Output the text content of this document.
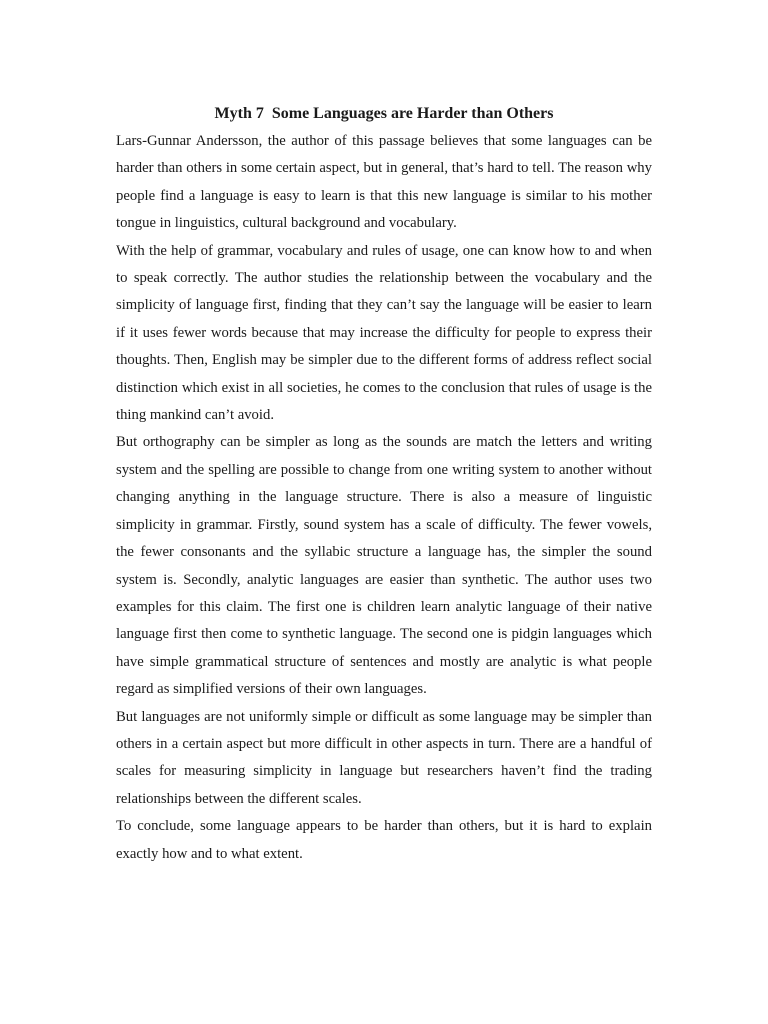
Myth 7  Some Languages are Harder than Others

Lars-Gunnar Andersson, the author of this passage believes that some languages can be harder than others in some certain aspect, but in general, that’s hard to tell. The reason why people find a language is easy to learn is that this new language is similar to his mother tongue in linguistics, cultural background and vocabulary.

With the help of grammar, vocabulary and rules of usage, one can know how to and when to speak correctly. The author studies the relationship between the vocabulary and the simplicity of language first, finding that they can’t say the language will be easier to learn if it uses fewer words because that may increase the difficulty for people to express their thoughts. Then, English may be simpler due to the different forms of address reflect social distinction which exist in all societies, he comes to the conclusion that rules of usage is the thing mankind can’t avoid.

But orthography can be simpler as long as the sounds are match the letters and writing system and the spelling are possible to change from one writing system to another without changing anything in the language structure. There is also a measure of linguistic simplicity in grammar. Firstly, sound system has a scale of difficulty. The fewer vowels, the fewer consonants and the syllabic structure a language has, the simpler the sound system is. Secondly, analytic languages are easier than synthetic. The author uses two examples for this claim. The first one is children learn analytic language of their native language first then come to synthetic language. The second one is pidgin languages which have simple grammatical structure of sentences and mostly are analytic is what people regard as simplified versions of their own languages.

But languages are not uniformly simple or difficult as some language may be simpler than others in a certain aspect but more difficult in other aspects in turn. There are a handful of scales for measuring simplicity in language but researchers haven’t find the trading relationships between the different scales.

To conclude, some language appears to be harder than others, but it is hard to explain exactly how and to what extent.
